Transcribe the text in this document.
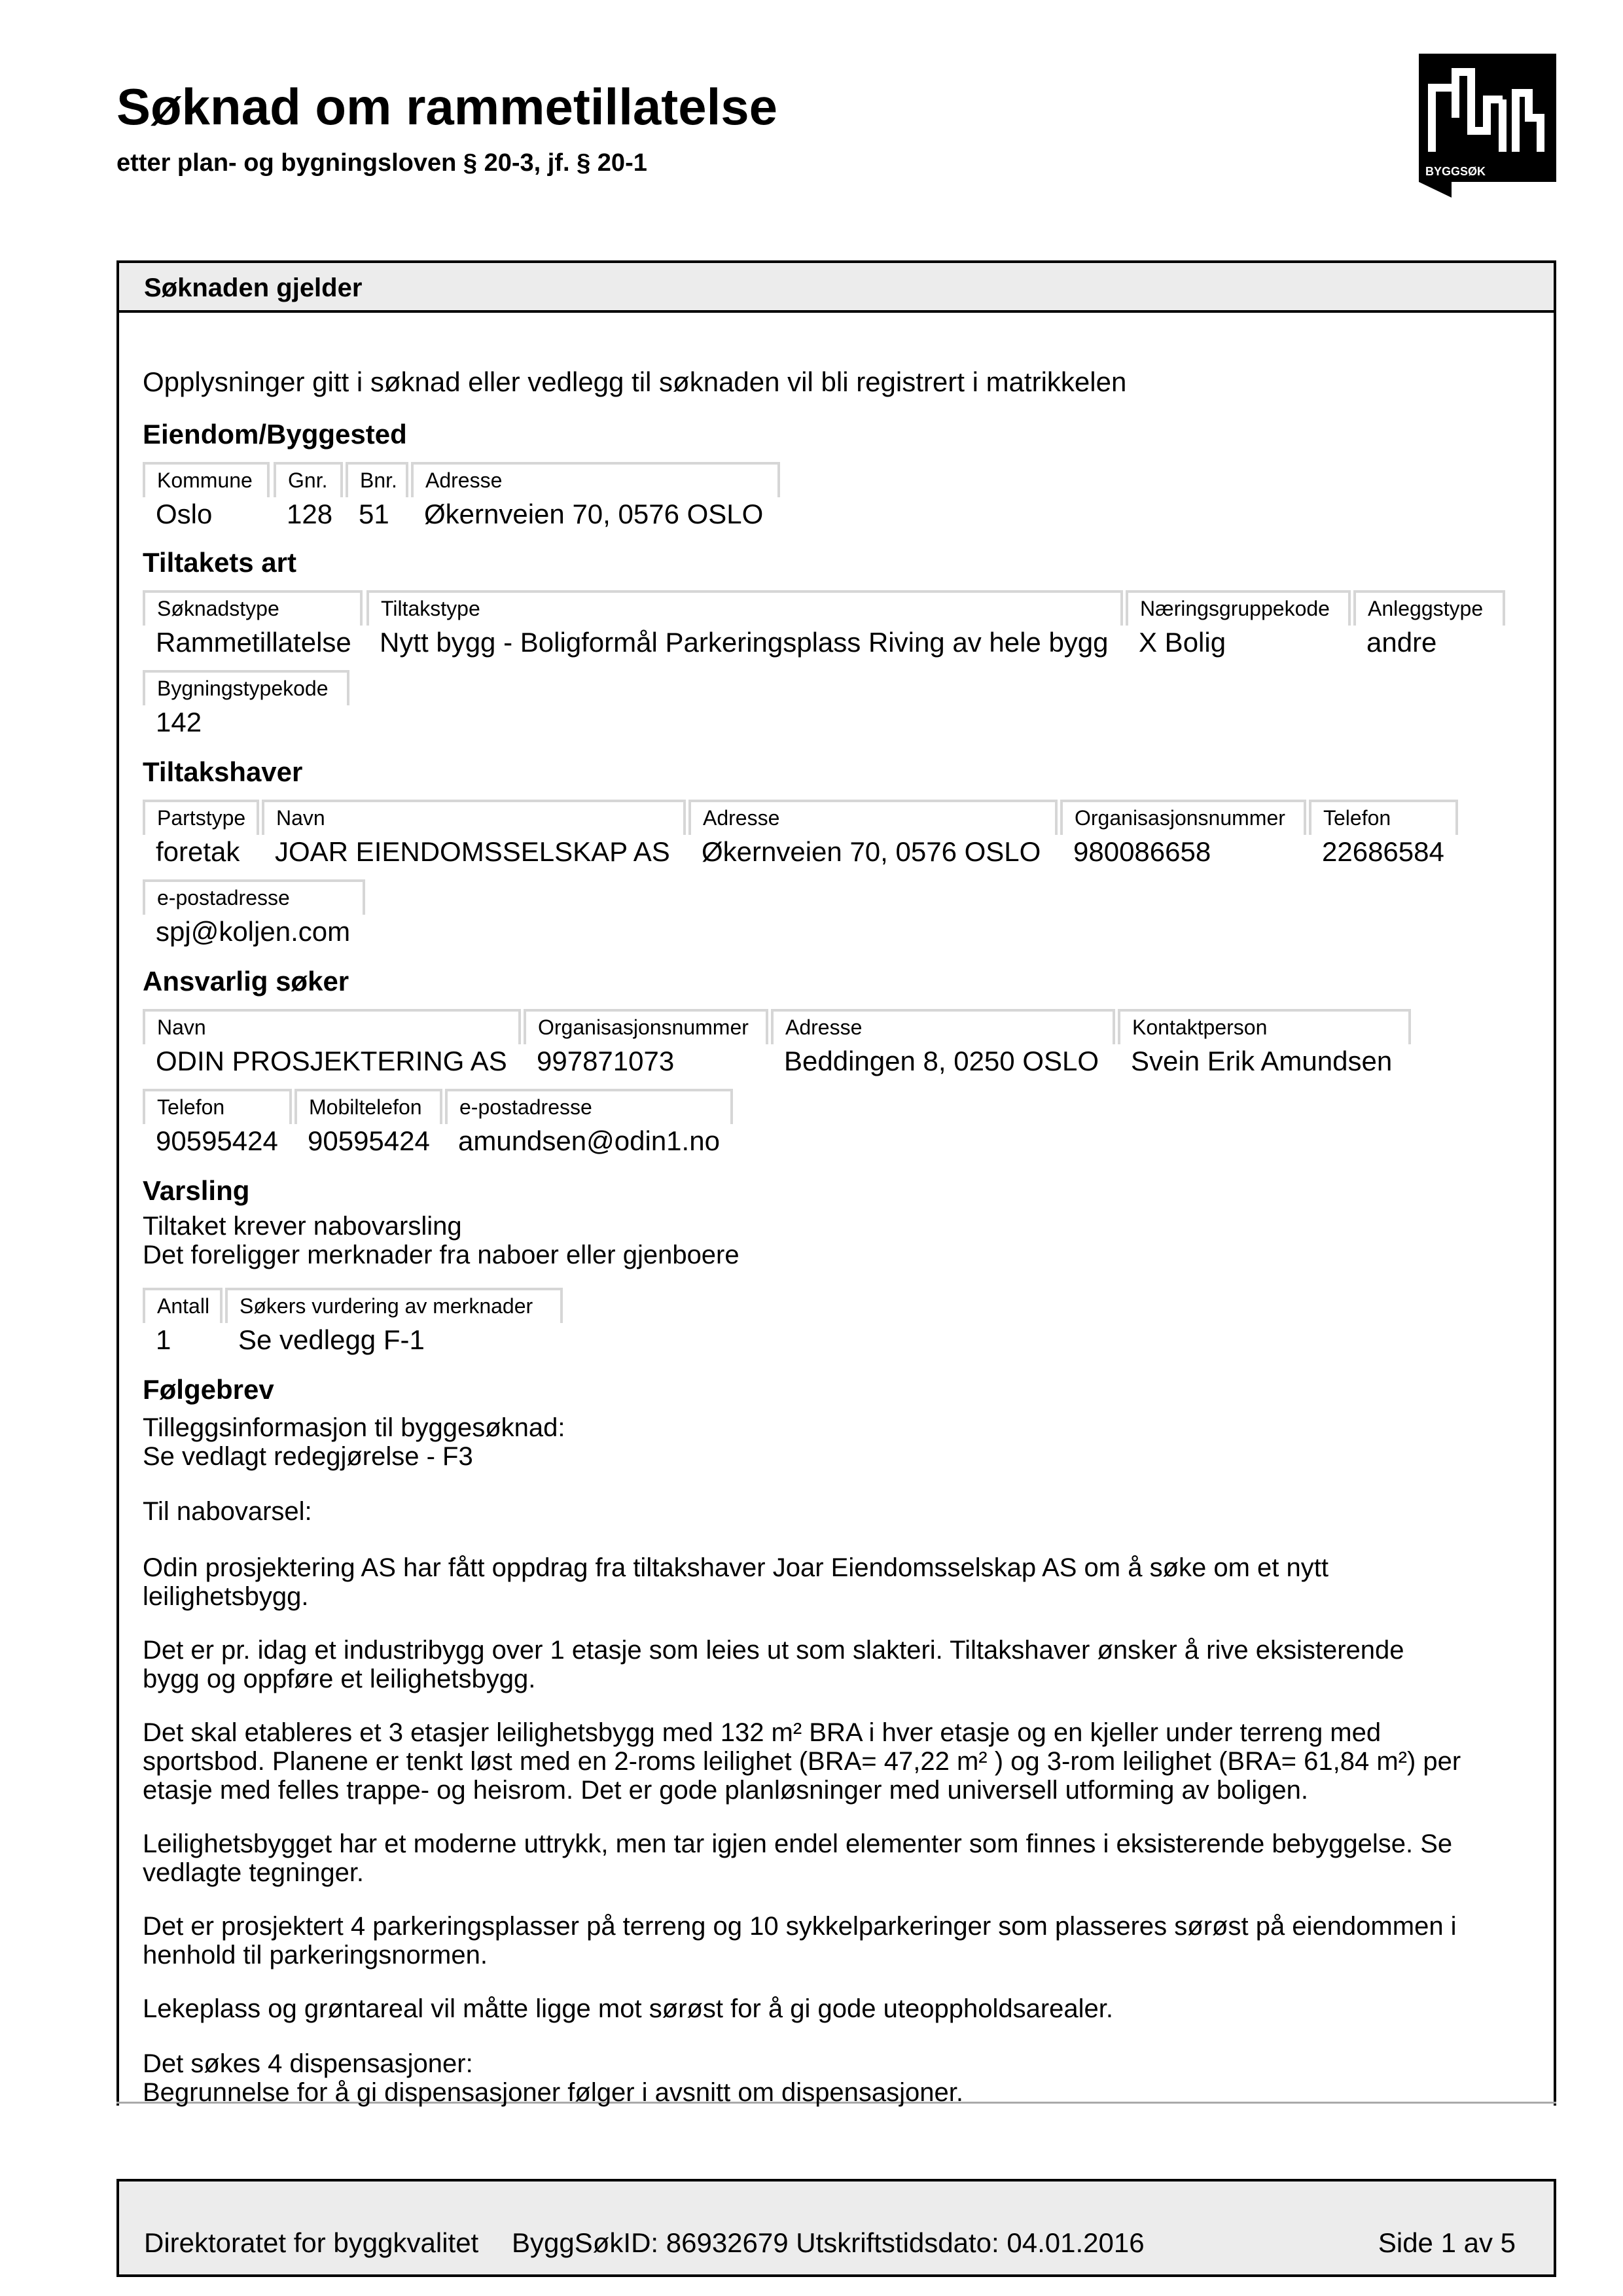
Søknad om rammetillatelse
etter plan- og bygningsloven § 20-3, jf. § 20-1	BYGGSØK
Søknaden gjelder
Opplysninger gitt i søknad eller vedlegg til søknaden vil bli registrert i matrikkelen
Eiendom/Byggested
Kommune
Oslo
Gnr.
128
Bnr.
51
Adresse
Økernveien 70, 0576 OSLO
Tiltakets art
Søknadstype
Rammetillatelse
Tiltakstype
Nytt bygg - Boligformål Parkeringsplass Riving av hele bygg
Næringsgruppekode
X Bolig
Anleggstype
andre
Bygningstypekode
142
Tiltakshaver
Partstype
foretak
Navn
JOAR EIENDOMSSELSKAP AS
Adresse
Økernveien 70, 0576 OSLO
Organisasjonsnummer
980086658
Telefon
22686584
e-postadresse
spj@koljen.com
Ansvarlig søker
Navn
ODIN PROSJEKTERING AS
Organisasjonsnummer
997871073
Adresse
Beddingen 8, 0250 OSLO
Kontaktperson
Svein Erik Amundsen
Telefon
90595424
Mobiltelefon
90595424
e-postadresse
amundsen@odin1.no
Varsling
Tiltaket krever nabovarsling
Det foreligger merknader fra naboer eller gjenboere
Antall
1
Søkers vurdering av merknader
Se vedlegg F-1
Følgebrev
Tilleggsinformasjon til byggesøknad:
Se vedlagt redegjørelse - F3
Til nabovarsel:
Odin prosjektering AS har fått oppdrag fra tiltakshaver Joar Eiendomsselskap AS om å søke om et nytt
leilighetsbygg.
Det er pr. idag et industribygg over 1 etasje som leies ut som slakteri. Tiltakshaver ønsker å rive eksisterende
bygg og oppføre et leilighetsbygg.
Det skal etableres et 3 etasjer leilighetsbygg med 132 m² BRA i hver etasje og en kjeller under terreng med
sportsbod. Planene er tenkt løst med en 2-roms leilighet (BRA= 47,22 m² ) og 3-rom leilighet (BRA= 61,84 m²) per
etasje med felles trappe- og heisrom. Det er gode planløsninger med universell utforming av boligen.
Leilighetsbygget har et moderne uttrykk, men tar igjen endel elementer som finnes i eksisterende bebyggelse. Se
vedlagte tegninger.
Det er prosjektert 4 parkeringsplasser på terreng og 10 sykkelparkeringer som plasseres sørøst på eiendommen i
henhold til parkeringsnormen.
Lekeplass og grøntareal vil måtte ligge mot sørøst for å gi gode uteoppholdsarealer.
Det søkes 4 dispensasjoner:
Begrunnelse for å gi dispensasjoner følger i avsnitt om dispensasjoner.
Direktoratet for byggkvalitet ByggSøkID: 86932679 Utskriftstidsdato: 04.01.2016	Side 1 av 5
